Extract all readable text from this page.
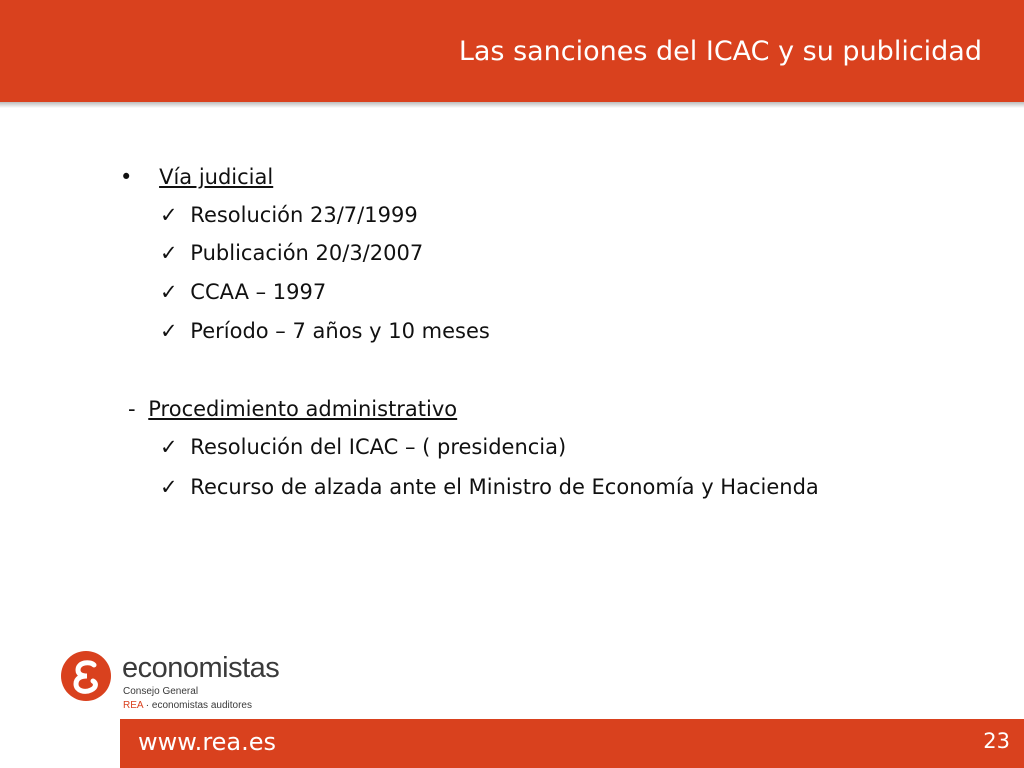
Las sanciones del ICAC y su publicidad
• Vía judicial
✓ Resolución 23/7/1999
✓ Publicación 20/3/2007
✓ CCAA – 1997
✓ Período – 7 años y 10 meses
- Procedimiento administrativo
✓ Resolución del ICAC – ( presidencia)
✓ Recurso de alzada ante el Ministro de Economía y Hacienda
economistas
Consejo General
REA · economistas auditores
www.rea.es	23
